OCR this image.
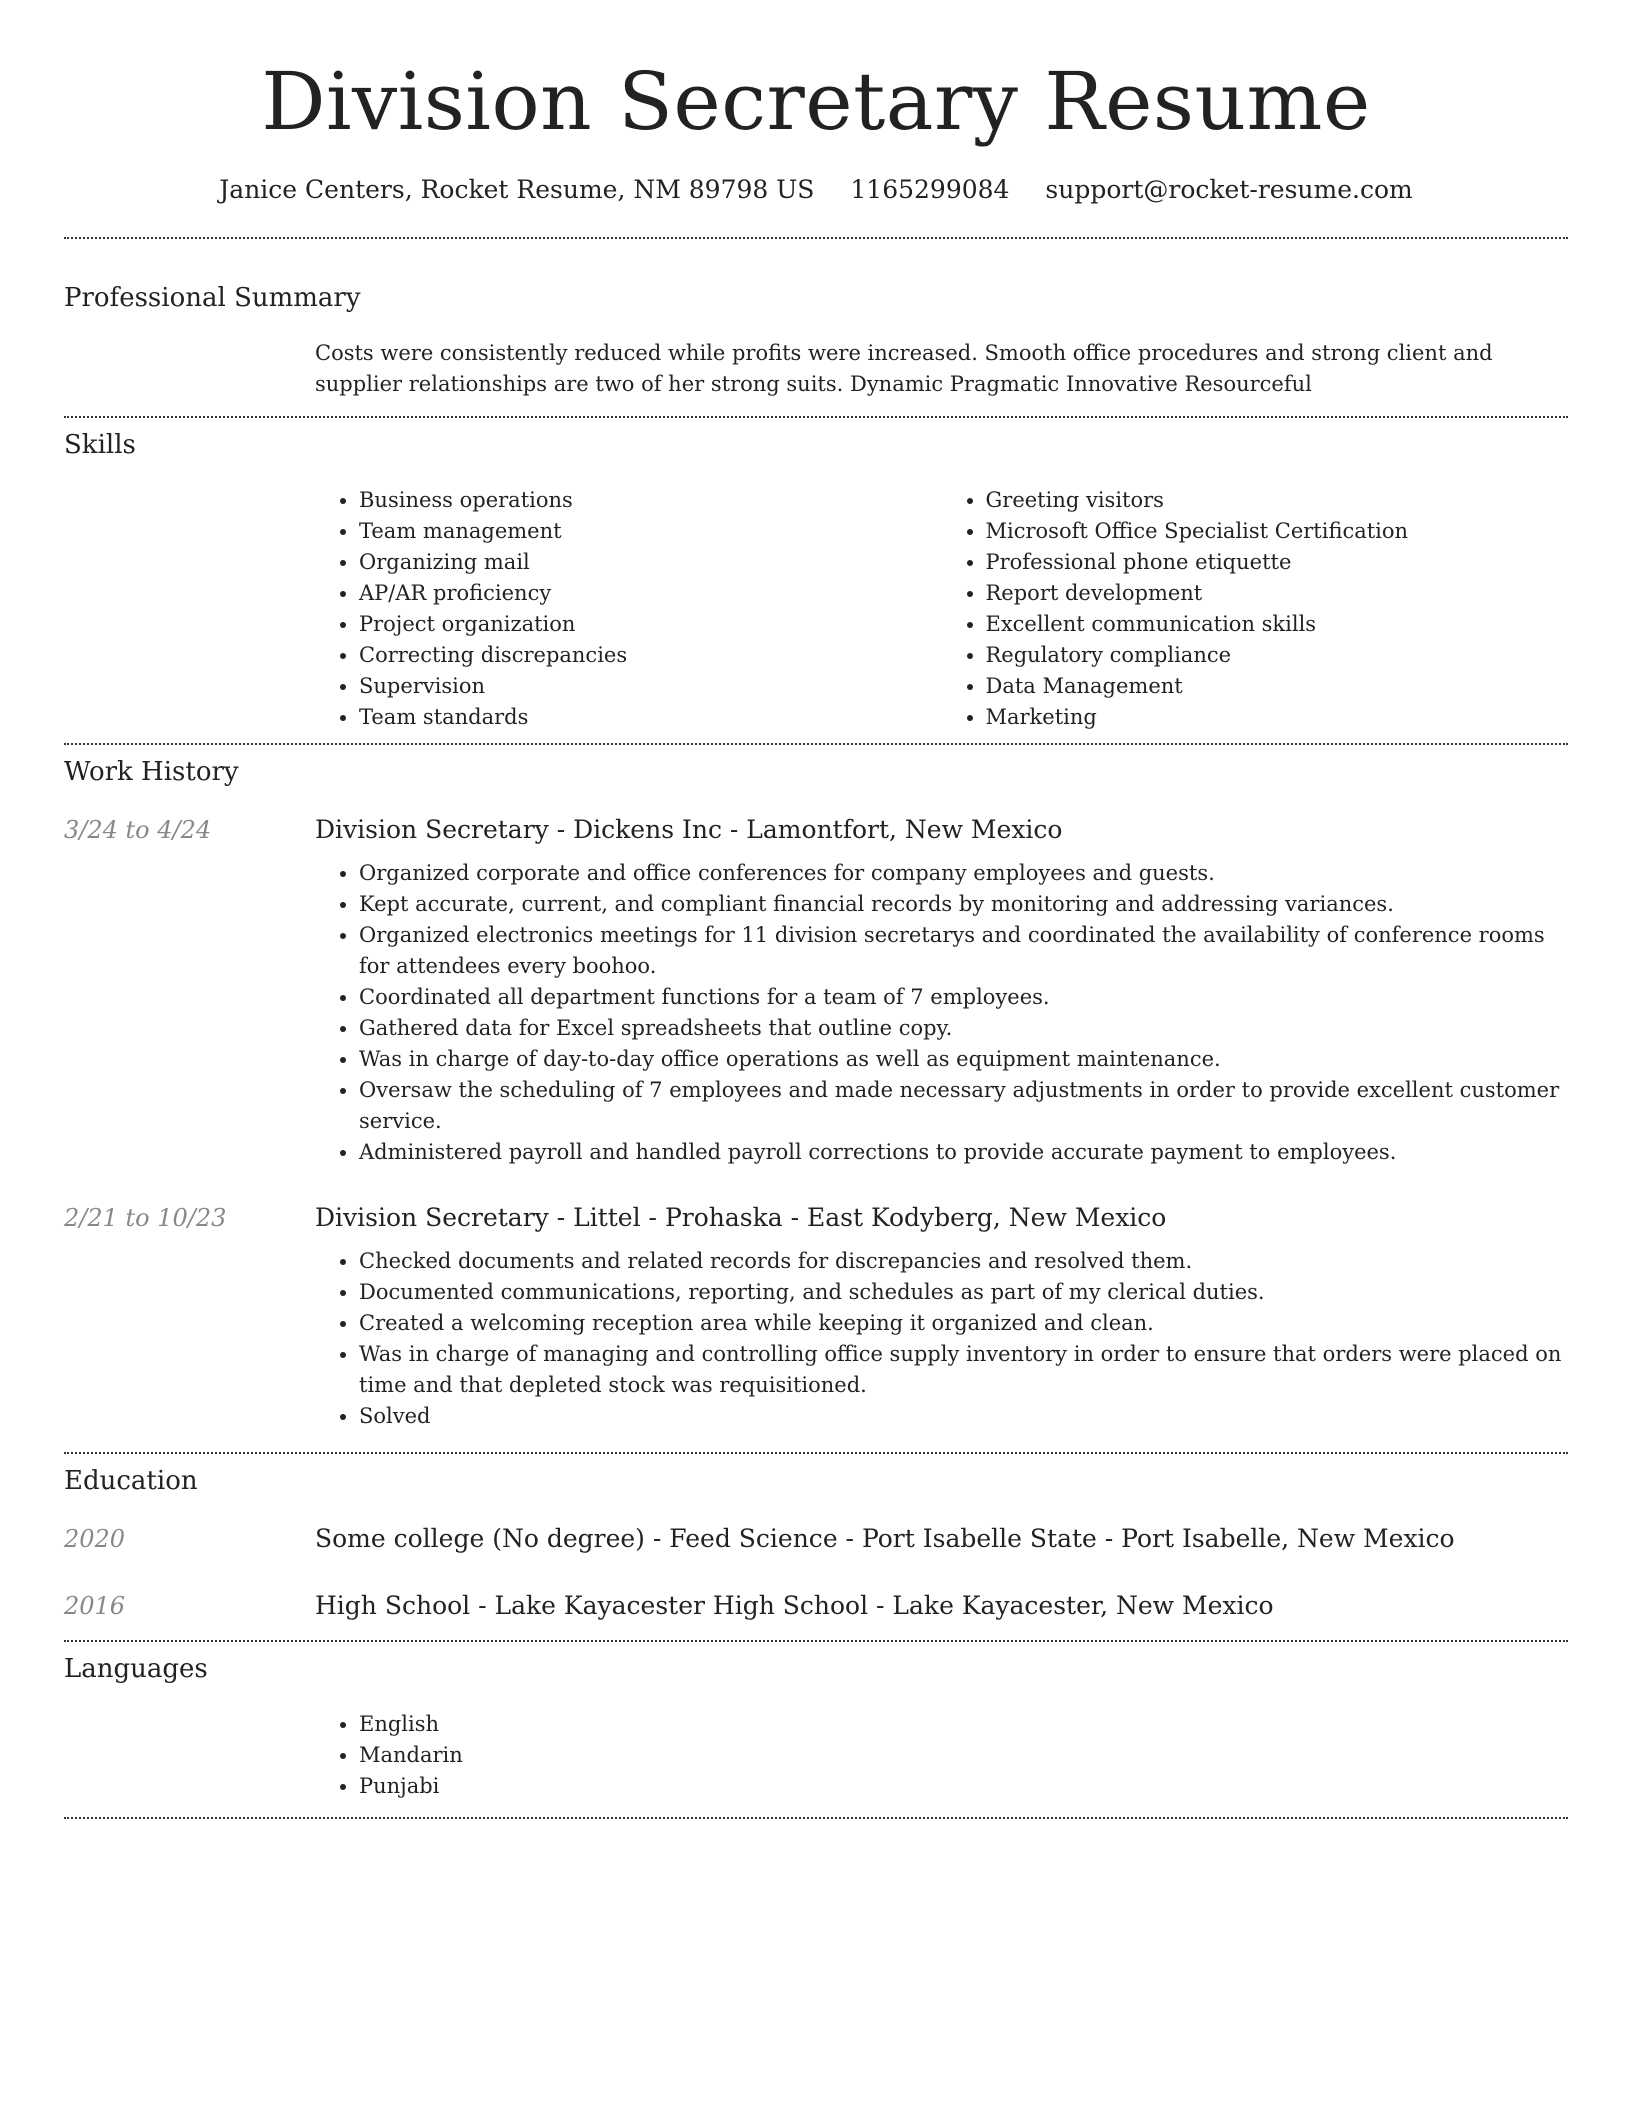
Division Secretary Resume
Janice Centers, Rocket Resume, NM 89798 US 1165299084 support@rocket-resume.com
Professional Summary
Costs were consistently reduced while profits were increased. Smooth office procedures and strong client and supplier relationships are two of her strong suits. Dynamic Pragmatic Innovative Resourceful
Skills
• Business operations
• Team management
• Organizing mail
• AP/AR proficiency
• Project organization
• Correcting discrepancies
• Supervision
• Team standards
• Greeting visitors
• Microsoft Office Specialist Certification
• Professional phone etiquette
• Report development
• Excellent communication skills
• Regulatory compliance
• Data Management
• Marketing
Work History
3/24 to 4/24	Division Secretary - Dickens Inc - Lamontfort, New Mexico
• Organized corporate and office conferences for company employees and guests.
• Kept accurate, current, and compliant financial records by monitoring and addressing variances.
• Organized electronics meetings for 11 division secretarys and coordinated the availability of conference rooms for attendees every boohoo.
• Coordinated all department functions for a team of 7 employees.
• Gathered data for Excel spreadsheets that outline copy.
• Was in charge of day-to-day office operations as well as equipment maintenance.
• Oversaw the scheduling of 7 employees and made necessary adjustments in order to provide excellent customer service.
• Administered payroll and handled payroll corrections to provide accurate payment to employees.
2/21 to 10/23	Division Secretary - Littel - Prohaska - East Kodyberg, New Mexico
• Checked documents and related records for discrepancies and resolved them.
• Documented communications, reporting, and schedules as part of my clerical duties.
• Created a welcoming reception area while keeping it organized and clean.
• Was in charge of managing and controlling office supply inventory in order to ensure that orders were placed on time and that depleted stock was requisitioned.
• Solved
Education
2020	Some college (No degree) - Feed Science - Port Isabelle State - Port Isabelle, New Mexico
2016	High School - Lake Kayacester High School - Lake Kayacester, New Mexico
Languages
• English
• Mandarin
• Punjabi
